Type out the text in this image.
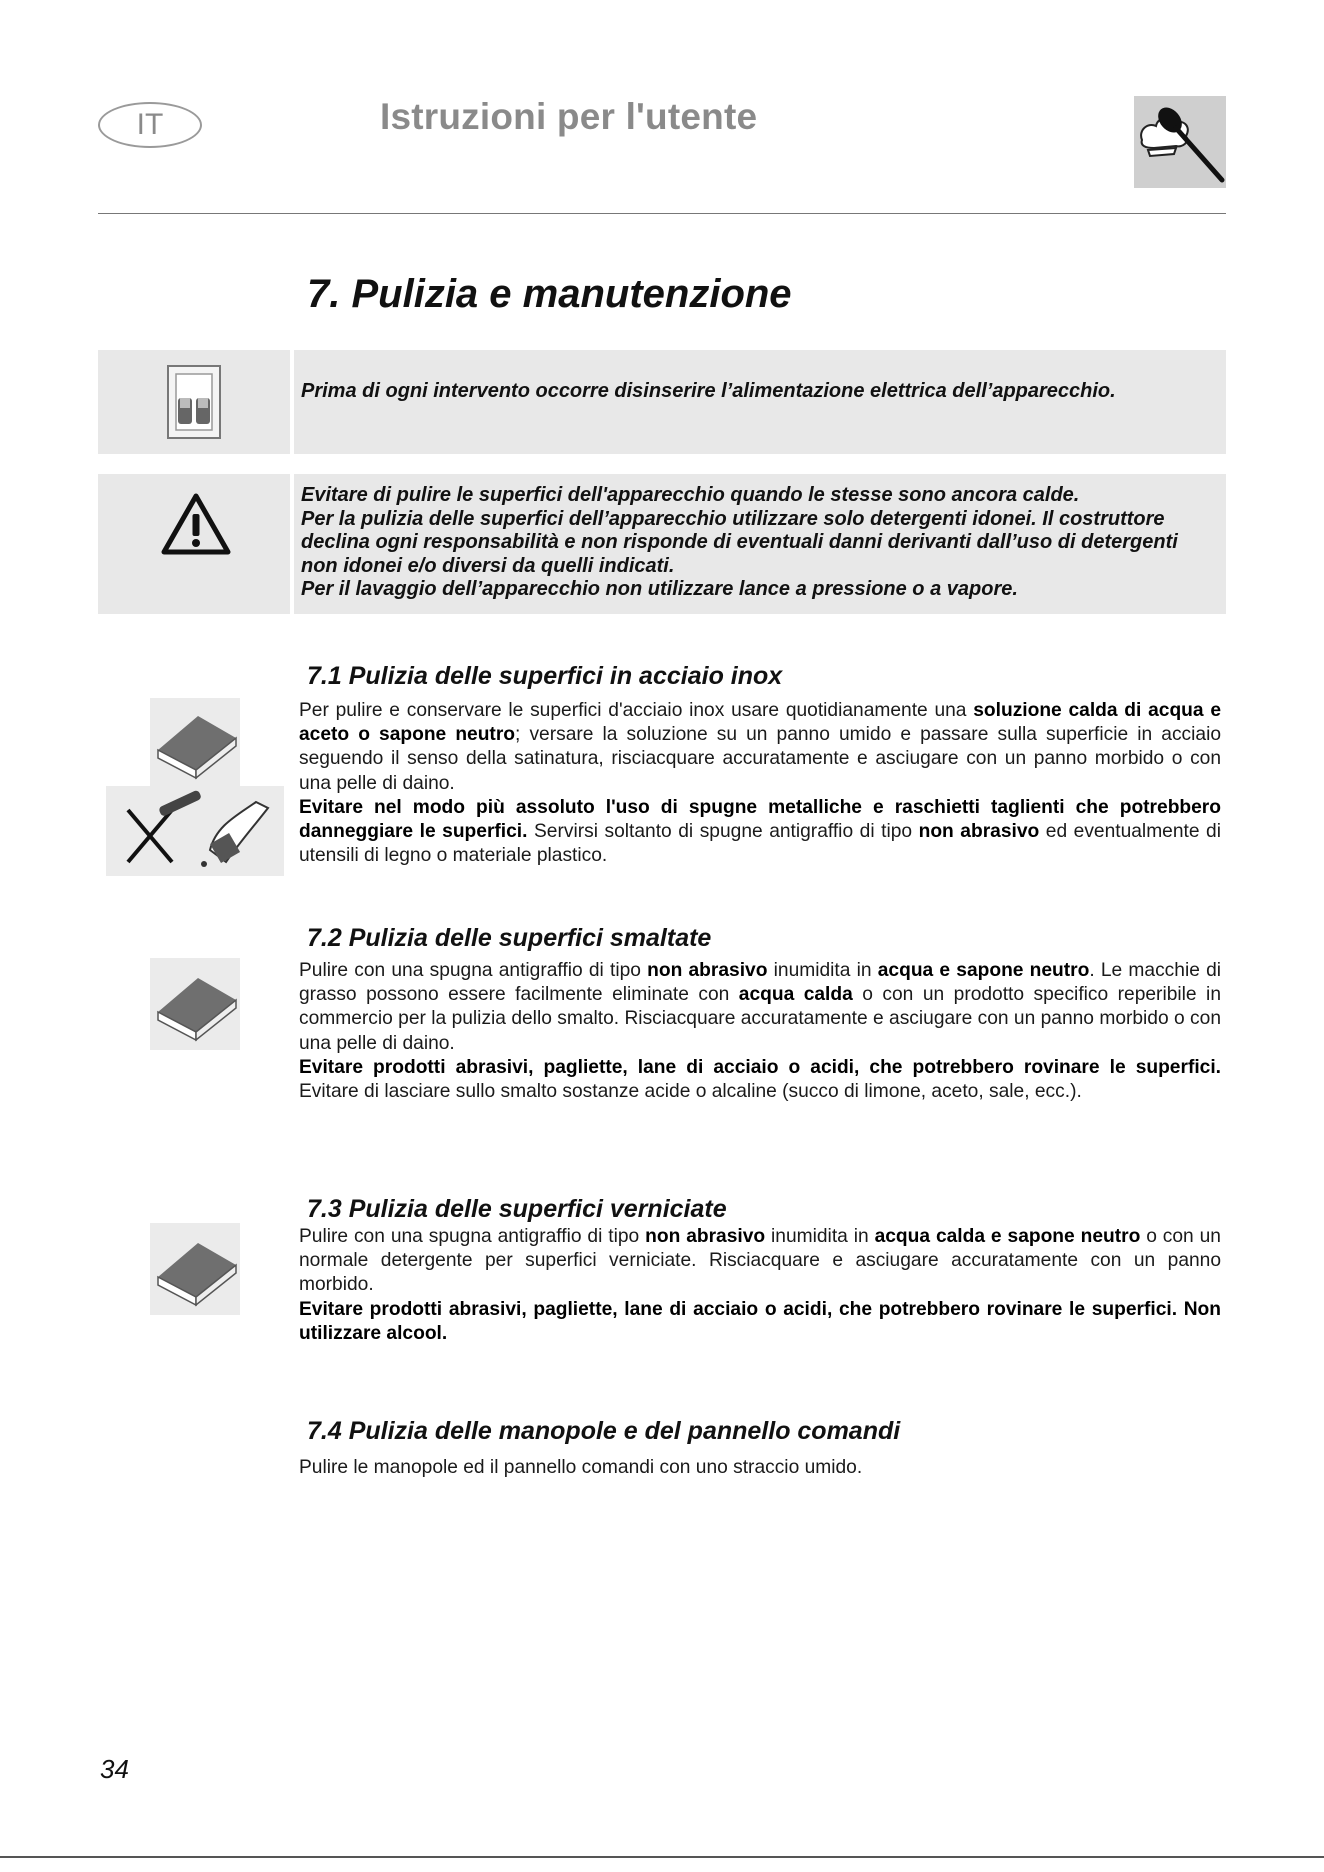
IT	Istruzioni per l'utente
7. Pulizia e manutenzione
Prima di ogni intervento occorre disinserire l’alimentazione elettrica dell’apparecchio.
Evitare di pulire le superfici dell'apparecchio quando le stesse sono ancora calde.
Per la pulizia delle superfici dell’apparecchio utilizzare solo detergenti idonei. Il costruttore declina ogni responsabilità e non risponde di eventuali danni derivanti dall’uso di detergenti non idonei e/o diversi da quelli indicati.
Per il lavaggio dell’apparecchio non utilizzare lance a pressione o a vapore.
7.1 Pulizia delle superfici in acciaio inox
Per pulire e conservare le superfici d'acciaio inox usare quotidianamente una soluzione calda di acqua e aceto o sapone neutro; versare la soluzione su un panno umido e passare sulla superficie in acciaio seguendo il senso della satinatura, risciacquare accuratamente e asciugare con un panno morbido o con una pelle di daino.
Evitare nel modo più assoluto l'uso di spugne metalliche e raschietti taglienti che potrebbero danneggiare le superfici. Servirsi soltanto di spugne antigraffio di tipo non abrasivo ed eventualmente di utensili di legno o materiale plastico.
7.2 Pulizia delle superfici smaltate
Pulire con una spugna antigraffio di tipo non abrasivo inumidita in acqua e sapone neutro. Le macchie di grasso possono essere facilmente eliminate con acqua calda o con un prodotto specifico reperibile in commercio per la pulizia dello smalto. Risciacquare accuratamente e asciugare con un panno morbido o con una pelle di daino.
Evitare prodotti abrasivi, pagliette, lane di acciaio o acidi, che potrebbero rovinare le superfici. Evitare di lasciare sullo smalto sostanze acide o alcaline (succo di limone, aceto, sale, ecc.).
7.3 Pulizia delle superfici verniciate
Pulire con una spugna antigraffio di tipo non abrasivo inumidita in acqua calda e sapone neutro o con un normale detergente per superfici verniciate. Risciacquare e asciugare accuratamente con un panno morbido.
Evitare prodotti abrasivi, pagliette, lane di acciaio o acidi, che potrebbero rovinare le superfici. Non utilizzare alcool.
7.4 Pulizia delle manopole e del pannello comandi
Pulire le manopole ed il pannello comandi con uno straccio umido.
34
